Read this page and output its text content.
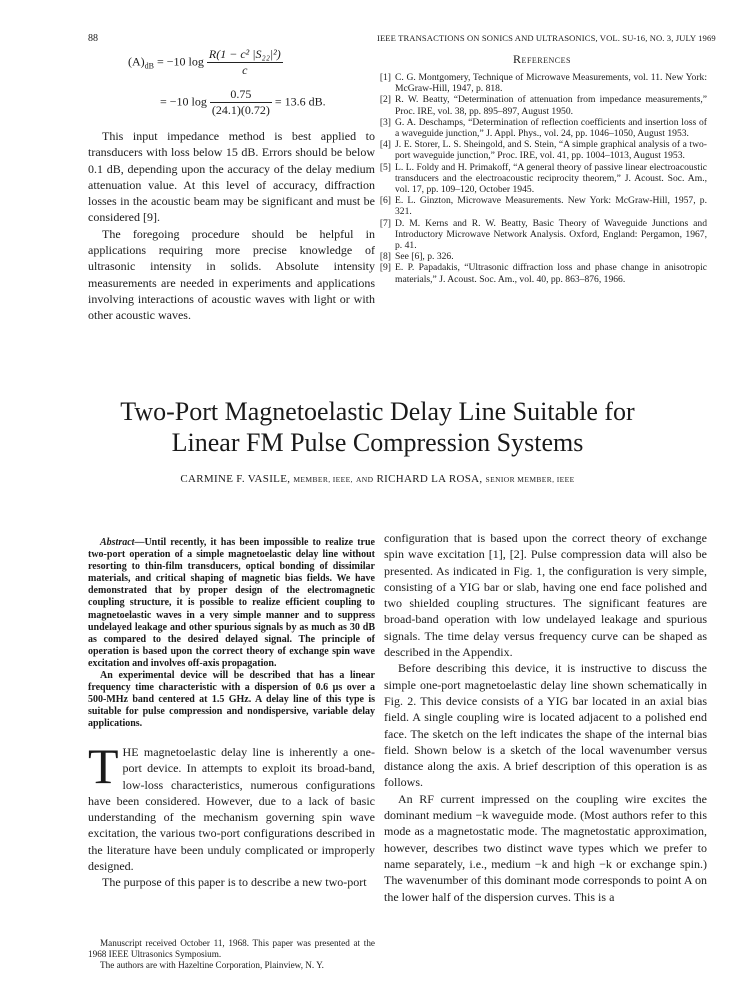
88	IEEE TRANSACTIONS ON SONICS AND ULTRASONICS, VOL. SU-16, NO. 3, JULY 1969
$(A)_{dB} = -10$ $\log \frac{\text{R(1 − c² |S₂₂|²)}}{c}$
= −10 $\log \frac{0.75}{(24.1)(0.72)} = 13.6$ dB.

This input impedance method is best applied to transducers with loss below 15 dB. Errors should be below 0.1 dB, depending upon the accuracy of the delay medium attenuation value. At this level of accuracy, diffraction losses in the acoustic beam may be significant and must be considered [9].

The foregoing procedure should be helpful in applications requiring more precise knowledge of ultrasonic intensity in solids. Absolute intensity measurements are needed in experiments and applications involving interactions of acoustic waves with light or with other acoustic waves.

References
[1] C. G. Montgomery, Technique of Microwave Measurements, vol. 11. New York: McGraw-Hill, 1947, p. 818.
[2] R. W. Beatty, “Determination of attenuation from impedance measurements,” Proc. IRE, vol. 38, pp. 895–897, August 1950.
[3] G. A. Deschamps, “Determination of reflection coefficients and insertion loss of a waveguide junction,” J. Appl. Phys., vol. 24, pp. 1046–1050, August 1953.
[4] J. E. Storer, L. S. Sheingold, and S. Stein, “A simple graphical analysis of a two-port waveguide junction,” Proc. IRE, vol. 41, pp. 1004–1013, August 1953.
[5] L. L. Foldy and H. Primakoff, “A general theory of passive linear electroacoustic transducers and the electroacoustic reciprocity theorem,” J. Acoust. Soc. Am., vol. 17, pp. 109–120, October 1945.
[6] E. L. Ginzton, Microwave Measurements. New York: McGraw-Hill, 1957, p. 321.
[7] D. M. Kerns and R. W. Beatty, Basic Theory of Waveguide Junctions and Introductory Microwave Network Analysis. Oxford, England: Pergamon, 1967, p. 41.
[8] See [6], p. 326.
[9] E. P. Papadakis, “Ultrasonic diffraction loss and phase change in anisotropic materials,” J. Acoust. Soc. Am., vol. 40, pp. 863–876, 1966.
Two-Port Magnetoelastic Delay Line Suitable for
Linear FM Pulse Compression Systems
CARMINE F. VASILE, MEMBER, IEEE, AND RICHARD LA ROSA, SENIOR MEMBER, IEEE

Abstract—Until recently, it has been impossible to realize true two-port operation of a simple magnetoelastic delay line without resorting to thin-film transducers, optical bonding of dissimilar materials, and critical shaping of magnetic bias fields. We have demonstrated that by proper design of the electromagnetic coupling structure, it is possible to realize efficient coupling to magnetoelastic waves in a very simple manner and to suppress undelayed leakage and other spurious signals by as much as 30 dB as compared to the desired delayed signal. The principle of operation is based upon the correct theory of exchange spin wave excitation and involves off-axis propagation.

An experimental device will be described that has a linear frequency time characteristic with a dispersion of 0.6 μs over a 500-MHz band centered at 1.5 GHz. A delay line of this type is suitable for pulse compression and nondispersive, variable delay applications.

THE magnetoelastic delay line is inherently a one-port device. In attempts to exploit its broad-band, low-loss characteristics, numerous configurations have been considered. However, due to a lack of basic understanding of the mechanism governing spin wave excitation, the various two-port configurations described in the literature have been unduly complicated or improperly designed.

The purpose of this paper is to describe a new two-port

Manuscript received October 11, 1968. This paper was presented at the 1968 IEEE Ultrasonics Symposium.

The authors are with Hazeltine Corporation, Plainview, N. Y.

configuration that is based upon the correct theory of exchange spin wave excitation [1], [2]. Pulse compression data will also be presented. As indicated in Fig. 1, the configuration is very simple, consisting of a YIG bar or slab, having one end face polished and two shielded coupling structures. The significant features are broad-band operation with low undelayed leakage and spurious signals. The time delay versus frequency curve can be shaped as described in the Appendix.

Before describing this device, it is instructive to discuss the simple one-port magnetoelastic delay line shown schematically in Fig. 2. This device consists of a YIG bar located in an axial bias field. A single coupling wire is located adjacent to a polished end face. The sketch on the left indicates the shape of the internal bias field. Shown below is a sketch of the local wavenumber versus distance along the axis. A brief description of this operation is as follows.

An RF current impressed on the coupling wire excites the dominant medium −k waveguide mode. (Most authors refer to this mode as a magnetostatic mode. The magnetostatic approximation, however, describes two distinct wave types which we prefer to name separately, i.e., medium −k and high −k or exchange spin.) The wavenumber of this dominant mode corresponds to point A on the lower half of the dispersion curves. This is a
